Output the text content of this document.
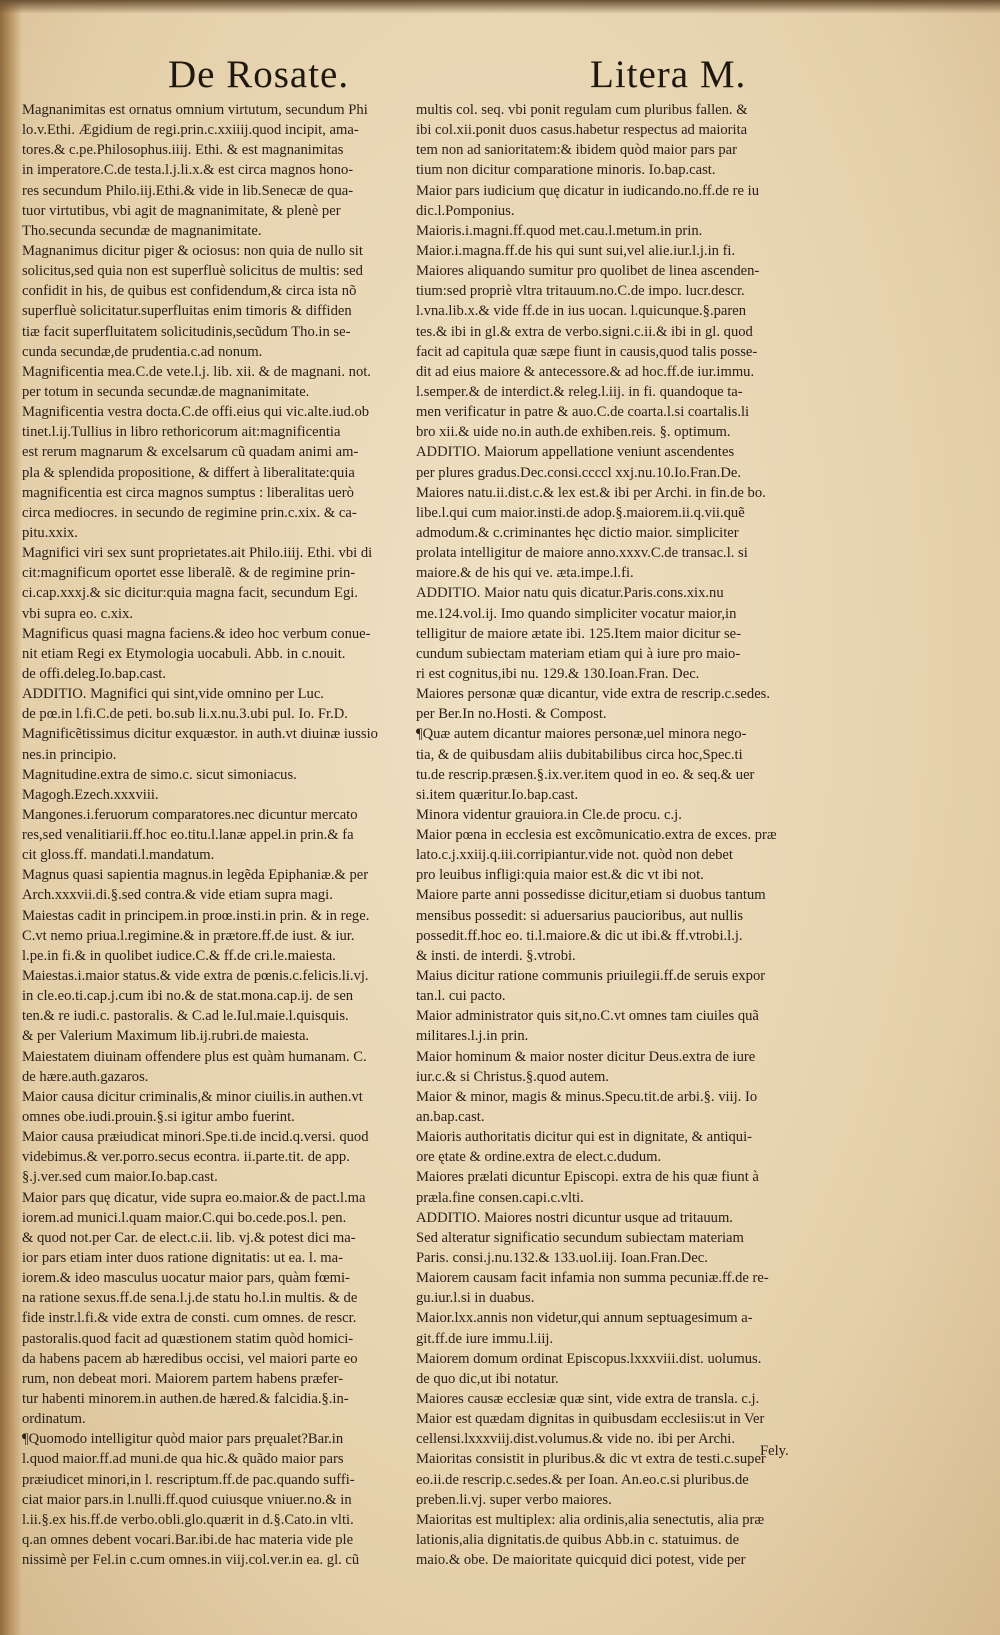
De Rosate.	Litera M.
Magnanimitas est ornatus omnium virtutum, secundum Phi
lo.v.Ethi. Ægidium de regi.prin.c.xxiiij.quod incipit, ama-
tores.& c.pe.Philosophus.iiij. Ethi. & est magnanimitas
in imperatore.C.de testa.l.j.li.x.& est circa magnos hono-
res secundum Philo.iij.Ethi.& vide in lib.Senecæ de qua-
tuor virtutibus, vbi agit de magnanimitate, & plenè per
Tho.secunda secundæ de magnanimitate.
Magnanimus dicitur piger & ociosus: non quia de nullo sit
solicitus,sed quia non est superfluè solicitus de multis: sed
confidit in his, de quibus est confidendum,& circa ista nõ
superfluè solicitatur.superfluitas enim timoris & diffiden
tiæ facit superfluitatem solicitudinis,secũdum Tho.in se-
cunda secundæ,de prudentia.c.ad nonum.
Magnificentia mea.C.de vete.l.j. lib. xii. & de magnani. not.
per totum in secunda secundæ.de magnanimitate.
Magnificentia vestra docta.C.de offi.eius qui vic.alte.iud.ob
tinet.l.ij.Tullius in libro rethoricorum ait:magnificentia
est rerum magnarum & excelsarum cũ quadam animi am-
pla & splendida propositione, & differt à liberalitate:quia
magnificentia est circa magnos sumptus : liberalitas uerò
circa mediocres. in secundo de regimine prin.c.xix. & ca-
pitu.xxix.
Magnifici viri sex sunt proprietates.ait Philo.iiij. Ethi. vbi di
cit:magnificum oportet esse liberalẽ. & de regimine prin-
ci.cap.xxxj.& sic dicitur:quia magna facit, secundum Egi.
vbi supra eo. c.xix.
Magnificus quasi magna faciens.& ideo hoc verbum conue-
nit etiam Regi ex Etymologia uocabuli. Abb. in c.nouit.
de offi.deleg.Io.bap.cast.
ADDITIO. Magnifici qui sint,vide omnino per Luc.
de pœ.in l.fi.C.de peti. bo.sub li.x.nu.3.ubi pul. Io. Fr.D.
Magnificẽtissimus dicitur exquæstor. in auth.vt diuinæ iussio
nes.in principio.
Magnitudine.extra de simo.c. sicut simoniacus.
Magogh.Ezech.xxxviii.
Mangones.i.feruorum comparatores.nec dicuntur mercato
res,sed venalitiarii.ff.hoc eo.titu.l.lanæ appel.in prin.& fa
cit gloss.ff. mandati.l.mandatum.
Magnus quasi sapientia magnus.in legẽda Epiphaniæ.& per
Arch.xxxvii.di.§.sed contra.& vide etiam supra magi.
Maiestas cadit in principem.in proœ.insti.in prin. & in rege.
C.vt nemo priua.l.regimine.& in prætore.ff.de iust. & iur.
l.pe.in fi.& in quolibet iudice.C.& ff.de cri.le.maiesta.
Maiestas.i.maior status.& vide extra de pœnis.c.felicis.li.vj.
in cle.eo.ti.cap.j.cum ibi no.& de stat.mona.cap.ij. de sen
ten.& re iudi.c. pastoralis. & C.ad le.Iul.maie.l.quisquis.
& per Valerium Maximum lib.ij.rubri.de maiesta.
Maiestatem diuinam offendere plus est quàm humanam. C.
de hære.auth.gazaros.
Maior causa dicitur criminalis,& minor ciuilis.in authen.vt
omnes obe.iudi.prouin.§.si igitur ambo fuerint.
Maior causa præiudicat minori.Spe.ti.de incid.q.versi. quod
videbimus.& ver.porro.secus econtra. ii.parte.tit. de app.
§.j.ver.sed cum maior.Io.bap.cast.
Maior pars quę dicatur, vide supra eo.maior.& de pact.l.ma
iorem.ad munici.l.quam maior.C.qui bo.cede.pos.l. pen.
& quod not.per Car. de elect.c.ii. lib. vj.& potest dici ma-
ior pars etiam inter duos ratione dignitatis: ut ea. l. ma-
iorem.& ideo masculus uocatur maior pars, quàm fœmi-
na ratione sexus.ff.de sena.l.j.de statu ho.l.in multis. & de
fide instr.l.fi.& vide extra de consti. cum omnes. de rescr.
pastoralis.quod facit ad quæstionem statim quòd homici-
da habens pacem ab hæredibus occisi, vel maiori parte eo
rum, non debeat mori. Maiorem partem habens præfer-
tur habenti minorem.in authen.de hæred.& falcidia.§.in-
ordinatum.
¶Quomodo intelligitur quòd maior pars pręualet?Bar.in
l.quod maior.ff.ad muni.de qua hic.& quãdo maior pars
præiudicet minori,in l. rescriptum.ff.de pac.quando suffi-
ciat maior pars.in l.nulli.ff.quod cuiusque vniuer.no.& in
l.ii.§.ex his.ff.de verbo.obli.glo.quærit in d.§.Cato.in vlti.
q.an omnes debent vocari.Bar.ibi.de hac materia vide ple
nissimè per Fel.in c.cum omnes.in viij.col.ver.in ea. gl. cũ
multis col. seq. vbi ponit regulam cum pluribus fallen. &
ibi col.xii.ponit duos casus.habetur respectus ad maiorita
tem non ad sanioritatem:& ibidem quòd maior pars par
tium non dicitur comparatione minoris. Io.bap.cast.
Maior pars iudicium quę dicatur in iudicando.no.ff.de re iu
dic.l.Pomponius.
Maioris.i.magni.ff.quod met.cau.l.metum.in prin.
Maior.i.magna.ff.de his qui sunt sui,vel alie.iur.l.j.in fi.
Maiores aliquando sumitur pro quolibet de linea ascenden-
tium:sed propriè vltra tritauum.no.C.de impo. lucr.descr.
l.vna.lib.x.& vide ff.de in ius uocan. l.quicunque.§.paren
tes.& ibi in gl.& extra de verbo.signi.c.ii.& ibi in gl. quod
facit ad capitula quæ sæpe fiunt in causis,quod talis posse-
dit ad eius maiore & antecessore.& ad hoc.ff.de iur.immu.
l.semper.& de interdict.& releg.l.iij. in fi. quandoque ta-
men verificatur in patre & auo.C.de coarta.l.si coartalis.li
bro xii.& uide no.in auth.de exhiben.reis. §. optimum.
ADDITIO. Maiorum appellatione veniunt ascendentes
per plures gradus.Dec.consi.ccccl xxj.nu.10.Io.Fran.De.
Maiores natu.ii.dist.c.& lex est.& ibi per Archi. in fin.de bo.
libe.l.qui cum maior.insti.de adop.§.maiorem.ii.q.vii.quẽ
admodum.& c.criminantes hęc dictio maior. simpliciter
prolata intelligitur de maiore anno.xxxv.C.de transac.l. si
maiore.& de his qui ve. æta.impe.l.fi.
ADDITIO. Maior natu quis dicatur.Paris.cons.xix.nu
me.124.vol.ij. Imo quando simpliciter vocatur maior,in
telligitur de maiore ætate ibi. 125.Item maior dicitur se-
cundum subiectam materiam etiam qui à iure pro maio-
ri est cognitus,ibi nu. 129.& 130.Ioan.Fran. Dec.
Maiores personæ quæ dicantur, vide extra de rescrip.c.sedes.
per Ber.In no.Hosti. & Compost.
¶Quæ autem dicantur maiores personæ,uel minora nego-
tia, & de quibusdam aliis dubitabilibus circa hoc,Spec.ti
tu.de rescrip.præsen.§.ix.ver.item quod in eo. & seq.& uer
si.item quæritur.Io.bap.cast.
Minora videntur grauiora.in Cle.de procu. c.j.
Maior pœna in ecclesia est excõmunicatio.extra de exces. præ
lato.c.j.xxiij.q.iii.corripiantur.vide not. quòd non debet
pro leuibus infligi:quia maior est.& dic vt ibi not.
Maiore parte anni possedisse dicitur,etiam si duobus tantum
mensibus possedit: si aduersarius paucioribus, aut nullis
possedit.ff.hoc eo. ti.l.maiore.& dic ut ibi.& ff.vtrobi.l.j.
& insti. de interdi. §.vtrobi.
Maius dicitur ratione communis priuilegii.ff.de seruis expor
tan.l. cui pacto.
Maior administrator quis sit,no.C.vt omnes tam ciuiles quã
militares.l.j.in prin.
Maior hominum & maior noster dicitur Deus.extra de iure
iur.c.& si Christus.§.quod autem.
Maior & minor, magis & minus.Specu.tit.de arbi.§. viij. Io
an.bap.cast.
Maioris authoritatis dicitur qui est in dignitate, & antiqui-
ore ętate & ordine.extra de elect.c.dudum.
Maiores prælati dicuntur Episcopi. extra de his quæ fiunt à
præla.fine consen.capi.c.vlti.
ADDITIO. Maiores nostri dicuntur usque ad tritauum.
Sed alteratur significatio secundum subiectam materiam
Paris. consi.j.nu.132.& 133.uol.iij. Ioan.Fran.Dec.
Maiorem causam facit infamia non summa pecuniæ.ff.de re-
gu.iur.l.si in duabus.
Maior.lxx.annis non videtur,qui annum septuagesimum a-
git.ff.de iure immu.l.iij.
Maiorem domum ordinat Episcopus.lxxxviii.dist. uolumus.
de quo dic,ut ibi notatur.
Maiores causæ ecclesiæ quæ sint, vide extra de transla. c.j.
Maior est quædam dignitas in quibusdam ecclesiis:ut in Ver
cellensi.lxxxviij.dist.volumus.& vide no. ibi per Archi.
Maioritas consistit in pluribus.& dic vt extra de testi.c.super
eo.ii.de rescrip.c.sedes.& per Ioan. An.eo.c.si pluribus.de
preben.li.vj. super verbo maiores.
Maioritas est multiplex: alia ordinis,alia senectutis, alia præ
lationis,alia dignitatis.de quibus Abb.in c. statuimus. de
maio.& obe. De maioritate quicquid dici potest, vide per
Fely.
